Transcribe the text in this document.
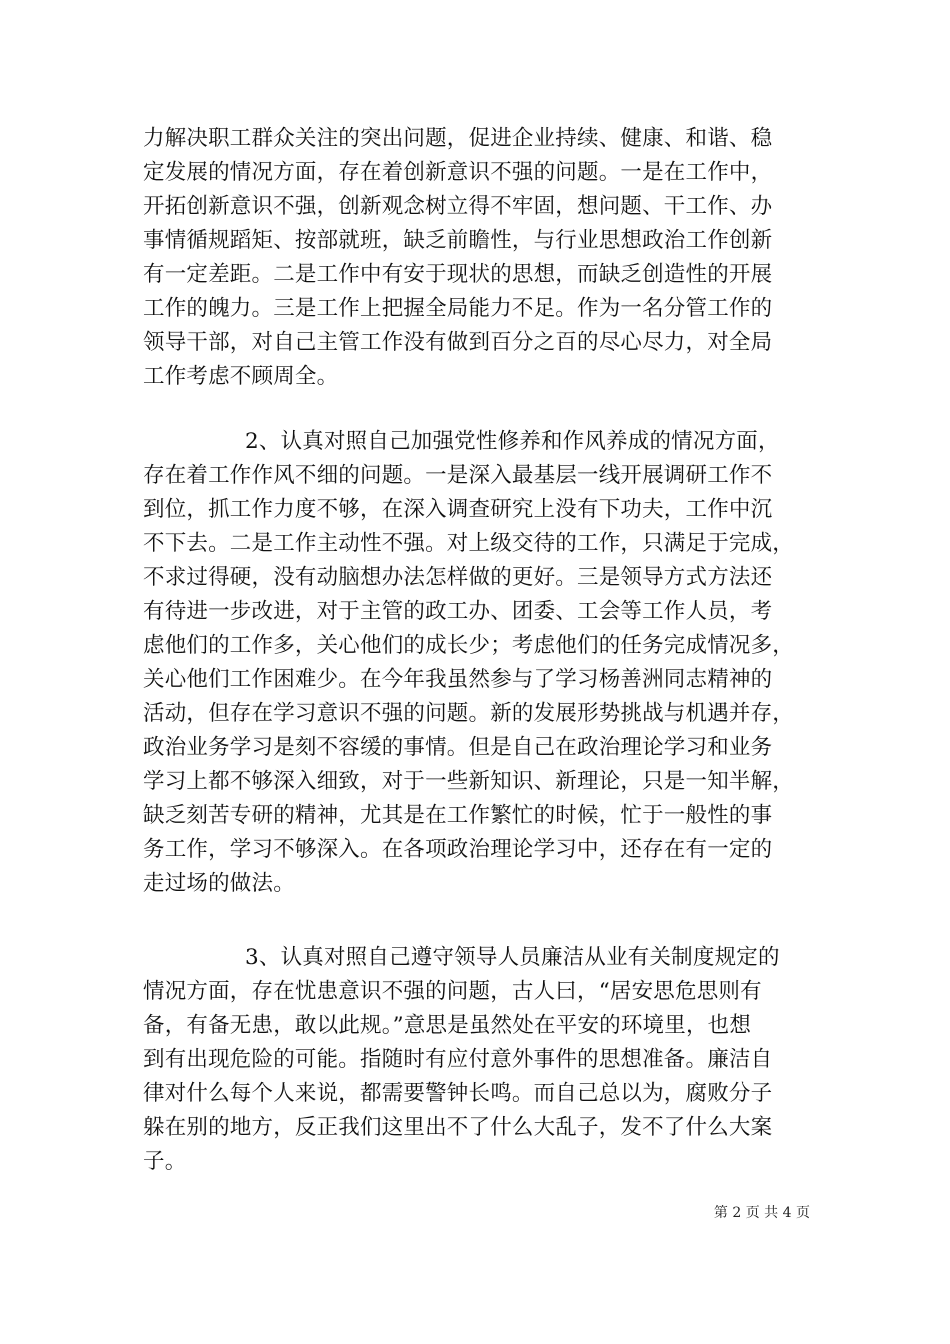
力解决职工群众关注的突出问题，促进企业持续、健康、和谐、稳
定发展的情况方面，存在着创新意识不强的问题。一是在工作中，
开拓创新意识不强，创新观念树立得不牢固，想问题、干工作、办
事情循规蹈矩、按部就班，缺乏前瞻性，与行业思想政治工作创新
有一定差距。二是工作中有安于现状的思想，而缺乏创造性的开展
工作的魄力。三是工作上把握全局能力不足。作为一名分管工作的
领导干部，对自己主管工作没有做到百分之百的尽心尽力，对全局
工作考虑不顾周全。
2、认真对照自己加强党性修养和作风养成的情况方面，
存在着工作作风不细的问题。一是深入最基层一线开展调研工作不
到位，抓工作力度不够，在深入调查研究上没有下功夫，工作中沉
不下去。二是工作主动性不强。对上级交待的工作，只满足于完成，
不求过得硬，没有动脑想办法怎样做的更好。三是领导方式方法还
有待进一步改进，对于主管的政工办、团委、工会等工作人员，考
虑他们的工作多，关心他们的成长少；考虑他们的任务完成情况多，
关心他们工作困难少。在今年我虽然参与了学习杨善洲同志精神的
活动，但存在学习意识不强的问题。新的发展形势挑战与机遇并存，
政治业务学习是刻不容缓的事情。但是自己在政治理论学习和业务
学习上都不够深入细致，对于一些新知识、新理论，只是一知半解，
缺乏刻苦专研的精神，尤其是在工作繁忙的时候，忙于一般性的事
务工作，学习不够深入。在各项政治理论学习中，还存在有一定的
走过场的做法。
3、认真对照自己遵守领导人员廉洁从业有关制度规定的
情况方面，存在忧患意识不强的问题，古人曰，“居安思危思则有
备，有备无患，敢以此规。”意思是虽然处在平安的环境里，也想
到有出现危险的可能。指随时有应付意外事件的思想准备。廉洁自
律对什么每个人来说，都需要警钟长鸣。而自己总以为，腐败分子
躲在别的地方，反正我们这里出不了什么大乱子，发不了什么大案
子。
第 2 页 共 4 页
